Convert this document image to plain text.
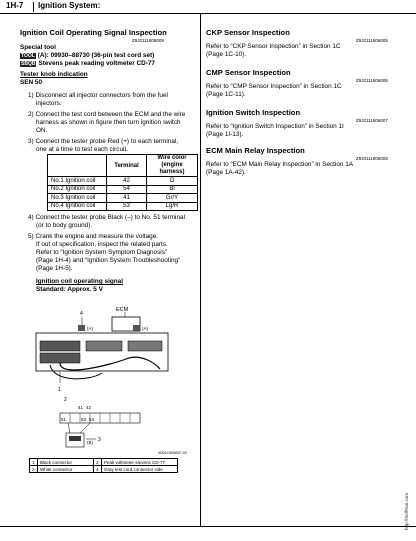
1H-7 Ignition System:
Ignition Coil Operating Signal Inspection
Z9J0111806009
Special tool
TOOL (A): 09930–88730 (36-pin test cord set)
SBQB Stevens peak reading voltmeter CD-77
Tester knob indication
SEN 50
1) Disconnect all injector connectors from the fuel
injectors.
2) Connect the test cord between the ECM and the wire
harness as shown in figure then turn ignition switch
ON.
3) Connect the tester probe Red (+) to each terminal,
one at a time to test each circuit.
	Terminal	Wire color (engine harness)
No.1 Ignition coil	42	O
No.2 Ignition coil	54	Bl
No.3 Ignition coil	41	Gr/Y
No.4 Ignition coil	53	Lg/R
4) Connect the tester probe Black (–) to No. 51 terminal
(or to body ground).
5) Crank the engine and measure the voltage.
If out of specification, inspect the related parts.
Refer to “Ignition System Symptom Diagnosis”
(Page 1H-4) and “Ignition System Troubleshooting”
(Page 1H-5).
Ignition coil operating signal
Standard: Approx. 5 V
ECM
4
(A)	(A)
1
2
41 42
51	53 54
(B) 3
I9J0111806027-03
1	Black connector	3	Peak voltmeter stevens CD-77
2	White connector	4	Gray test cord connector side
CKP Sensor Inspection
Z9J0111806005
Refer to “CKP Sensor Inspection” in Section 1C
(Page 1C-10).
CMP Sensor Inspection
Z9J0111806006
Refer to “CMP Sensor Inspection” in Section 1C
(Page 1C-11).
Ignition Switch Inspection
Z9J0111806007
Refer to “Ignition Switch Inspection” in Section 1I
(Page 1I-13).
ECM Main Relay Inspection
Z9J0111806008
Refer to “ECM Main Relay Inspection” in Section 1A
(Page 1A-42).
http://SelfRan.com
